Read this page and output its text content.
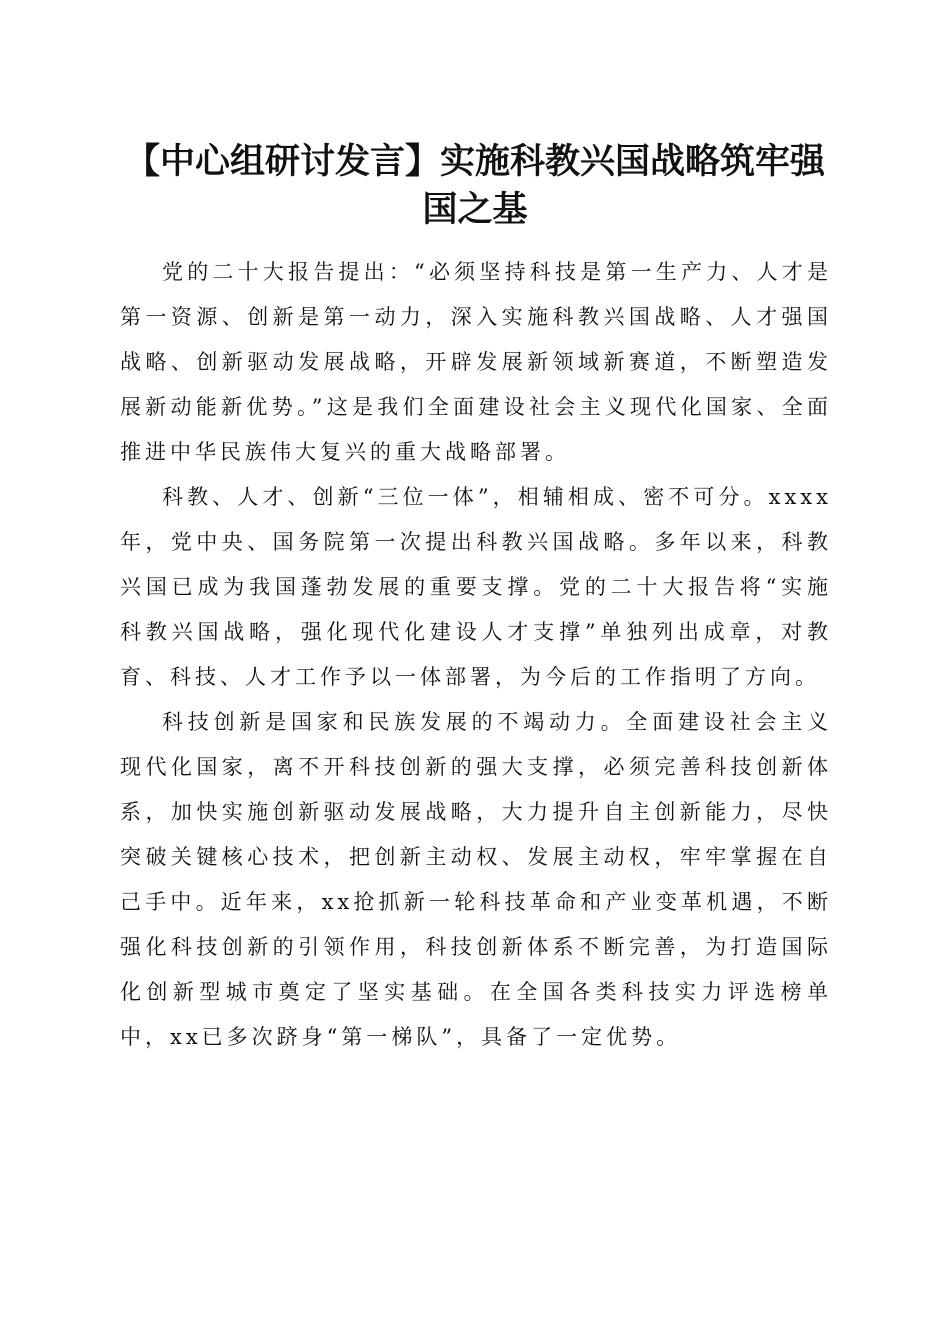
【中心组研讨发言】实施科教兴国战略筑牢强国之基

党的二十大报告提出：“必须坚持科技是第一生产力、人才是第一资源、创新是第一动力，深入实施科教兴国战略、人才强国战略、创新驱动发展战略，开辟发展新领域新赛道，不断塑造发展新动能新优势。”这是我们全面建设社会主义现代化国家、全面推进中华民族伟大复兴的重大战略部署。

科教、人才、创新“三位一体”，相辅相成、密不可分。xxxx年，党中央、国务院第一次提出科教兴国战略。多年以来，科教兴国已成为我国蓬勃发展的重要支撑。党的二十大报告将“实施科教兴国战略，强化现代化建设人才支撑”单独列出成章，对教育、科技、人才工作予以一体部署，为今后的工作指明了方向。

科技创新是国家和民族发展的不竭动力。全面建设社会主义现代化国家，离不开科技创新的强大支撑，必须完善科技创新体系，加快实施创新驱动发展战略，大力提升自主创新能力，尽快突破关键核心技术，把创新主动权、发展主动权，牢牢掌握在自己手中。近年来，xx抢抓新一轮科技革命和产业变革机遇，不断强化科技创新的引领作用，科技创新体系不断完善，为打造国际化创新型城市奠定了坚实基础。在全国各类科技实力评选榜单中，xx已多次跻身“第一梯队”，具备了一定优势。
